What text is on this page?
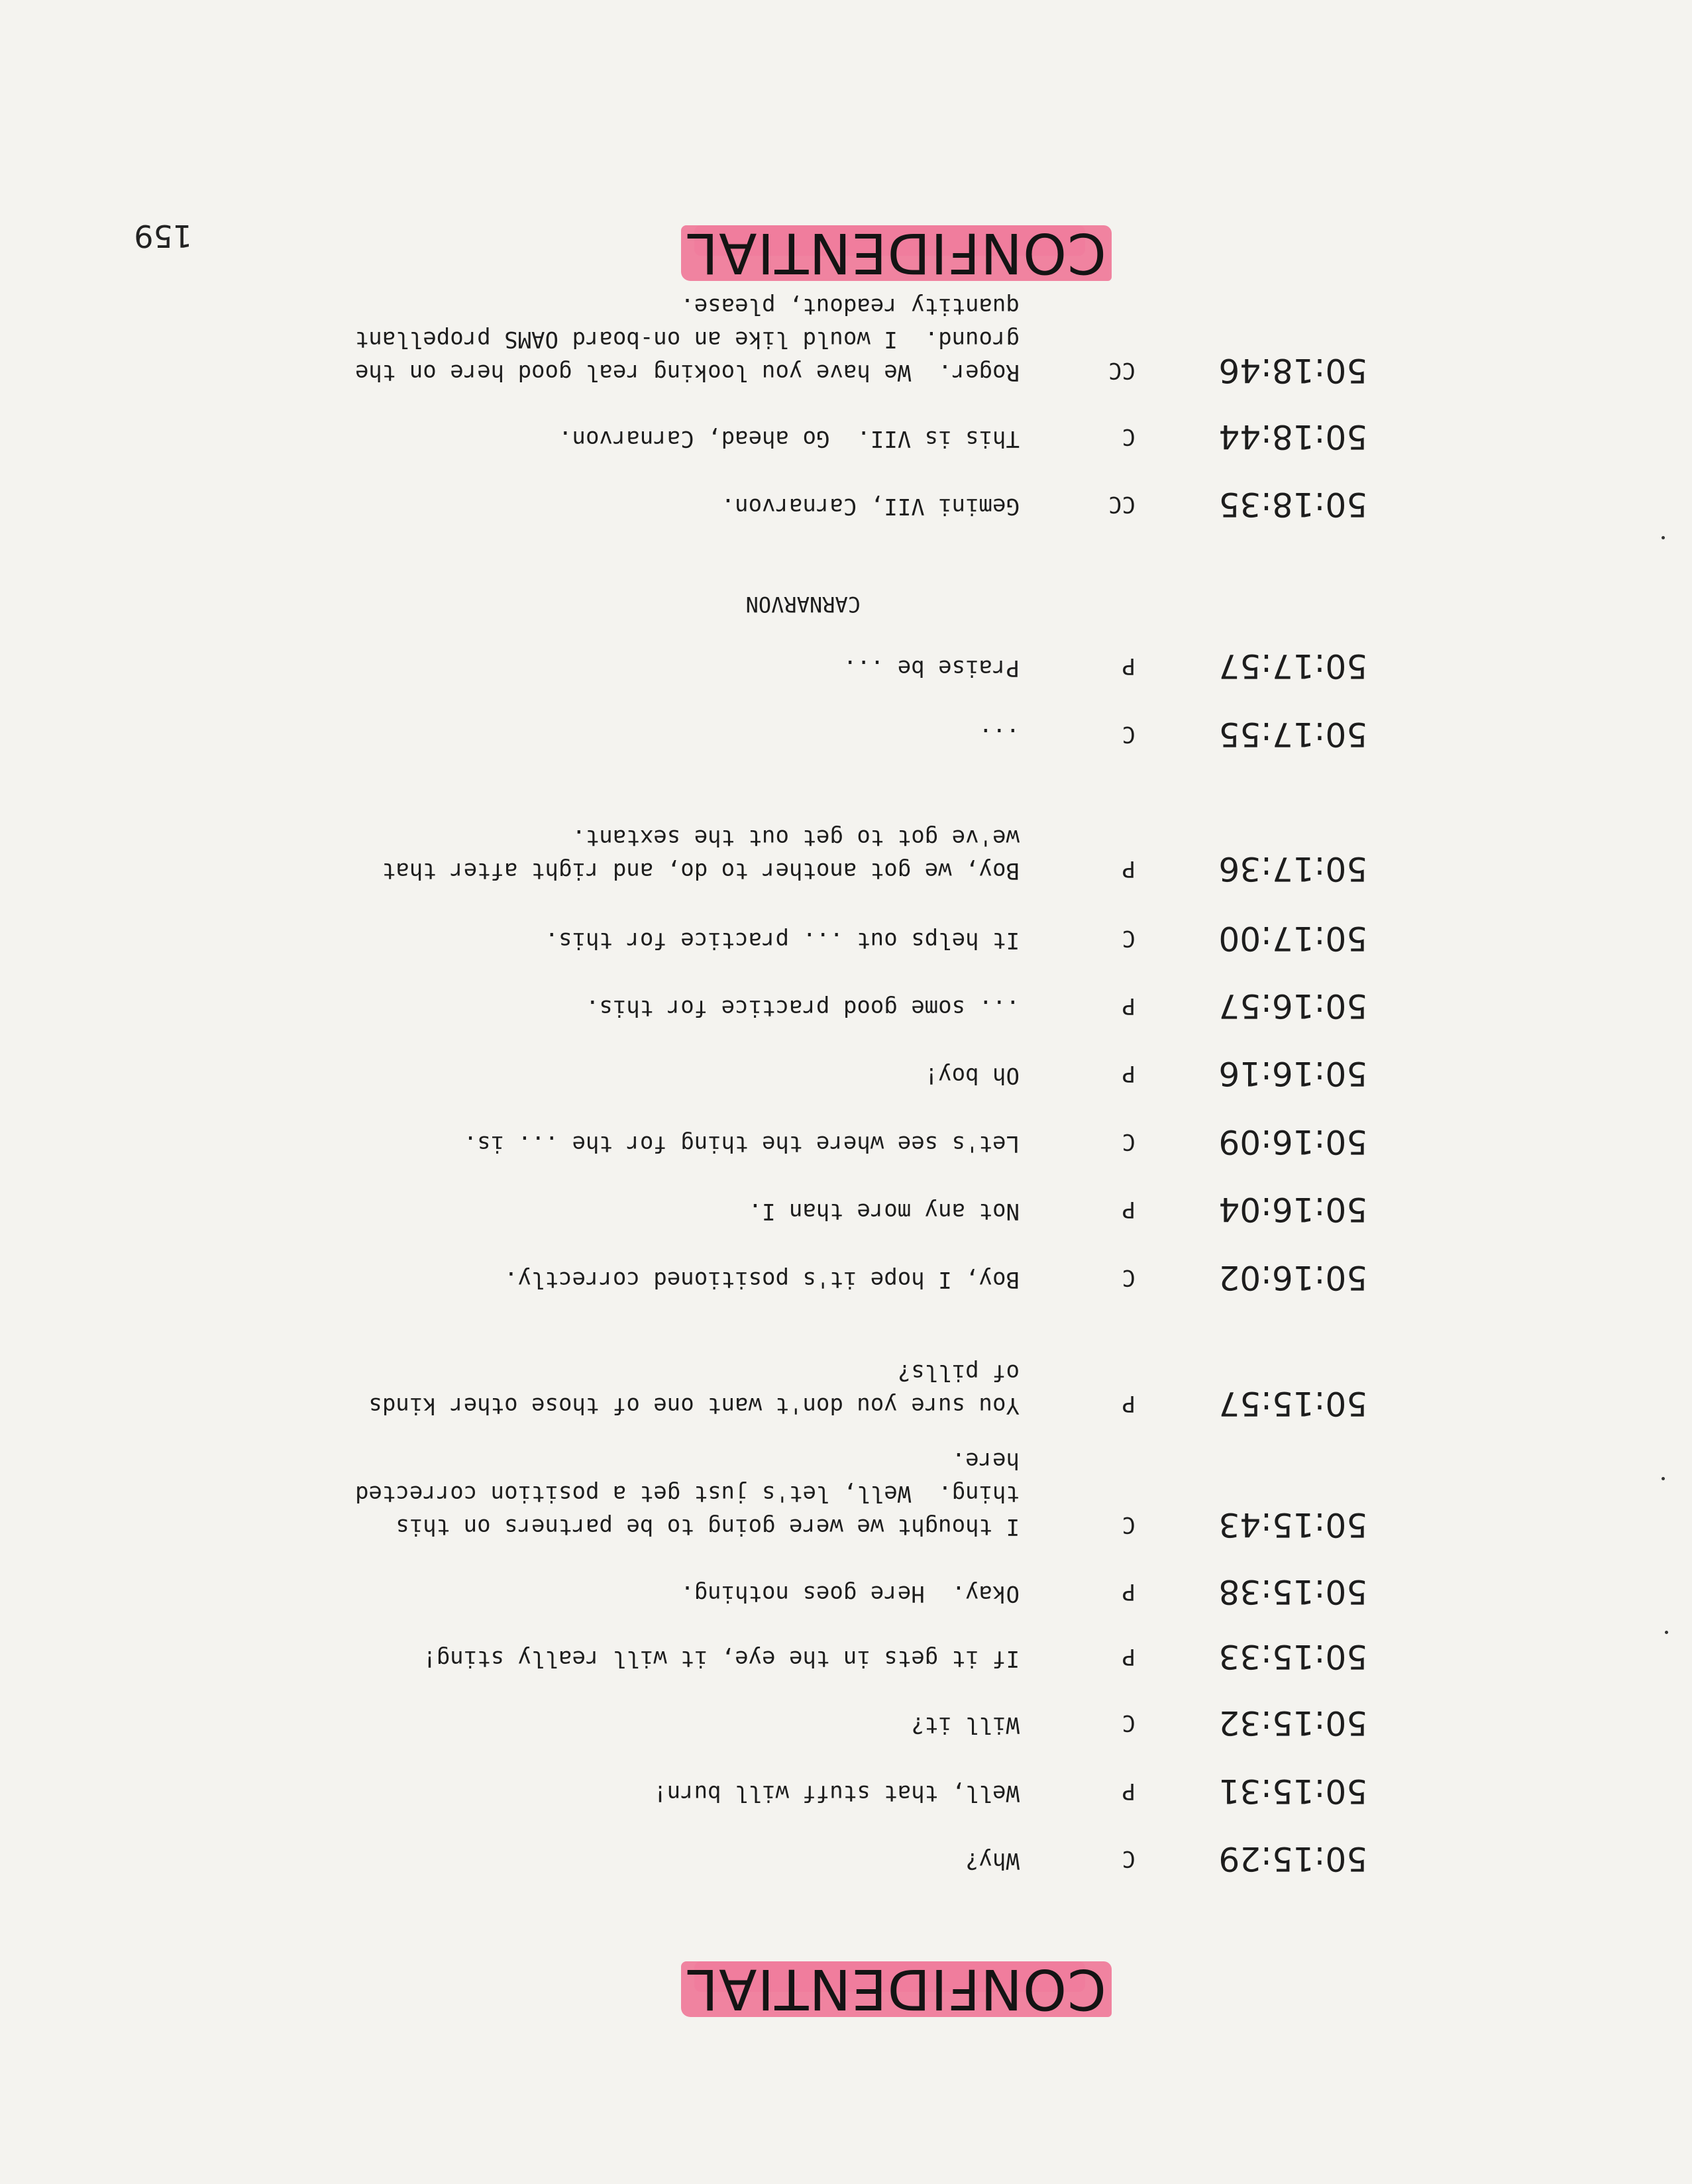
CONFIDENTIAL
159
50:15:29
C
Why?
50:15:31
P
Well, that stuff will burn!
50:15:32
C
Will it?
50:15:33
P
If it gets in the eye, it will really sting!
50:15:38
P
Okay.  Here goes nothing.
50:15:43
C
I thought we were going to be partners on this
thing.  Well, let's just get a position corrected
here.
50:15:57
P
You sure you don't want one of those other kinds
of pills?
50:16:02
C
Boy, I hope it's positioned correctly.
50:16:04
P
Not any more than I.
50:16:09
C
Let's see where the thing for the ... is.
50:16:16
P
Oh boy!
50:16:57
P
... some good practice for this.
50:17:00
C
It helps out ... practice for this.
50:17:36
P
Boy, we got another to do, and right after that
we've got to get out the sextant.
50:17:55
C
...
50:17:57
P
Praise be ...
CARNARVON
50:18:35
CC
Gemini VII, Carnarvon.
50:18:44
C
This is VII.  Go ahead, Carnarvon.
50:18:46
CC
Roger.  We have you looking real good here on the
ground.  I would like an on-board OAMS propellant
quantity readout, please.
CONFIDENTIAL
